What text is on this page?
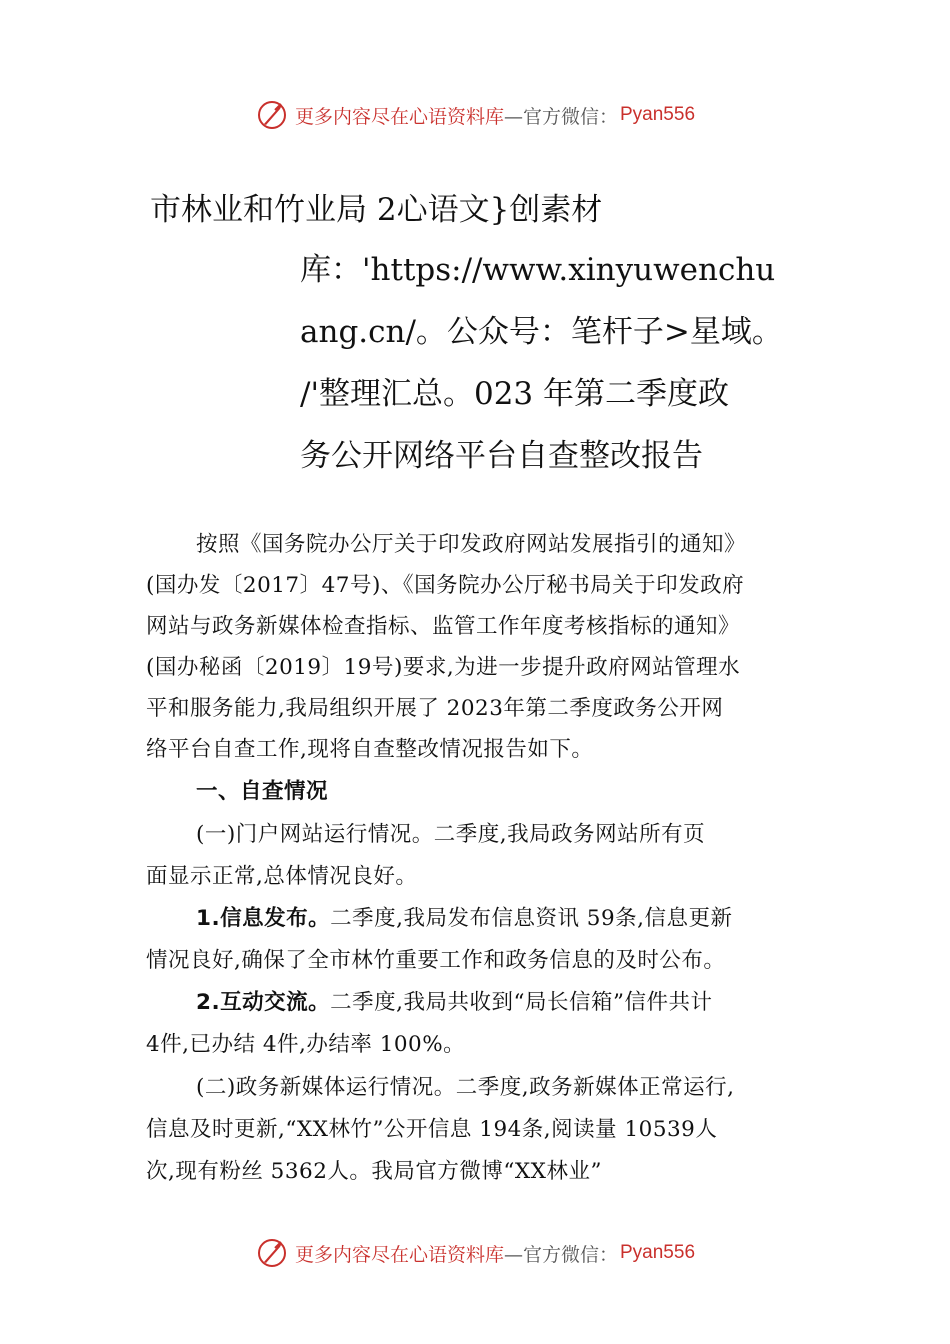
更多内容尽在心语资料库 —官方微信： Pyan556
市林业和竹业局 2心语文}创素材
库：'https://www.xinyuwenchu
ang.cn/。公众号：笔杆子>星域。
/'整理汇总。023 年第二季度政
务公开网络平台自查整改报告
按照《国务院办公厅关于印发政府网站发展指引的通知》
(国办发〔2017〕47号)、《国务院办公厅秘书局关于印发政府
网站与政务新媒体检查指标、监管工作年度考核指标的通知》
(国办秘函〔2019〕19号)要求,为进一步提升政府网站管理水
平和服务能力,我局组织开展了 2023年第二季度政务公开网
络平台自查工作,现将自查整改情况报告如下。
一、自查情况
(一)门户网站运行情况。二季度,我局政务网站所有页
面显示正常,总体情况良好。
1.信息发布。二季度,我局发布信息资讯 59条,信息更新
情况良好,确保了全市林竹重要工作和政务信息的及时公布。
2.互动交流。二季度,我局共收到“局长信箱”信件共计
4件,已办结 4件,办结率 100%。
(二)政务新媒体运行情况。二季度,政务新媒体正常运行,
信息及时更新,“XX林竹”公开信息 194条,阅读量 10539人
次,现有粉丝 5362人。我局官方微博“XX林业”
更多内容尽在心语资料库 —官方微信： Pyan556
